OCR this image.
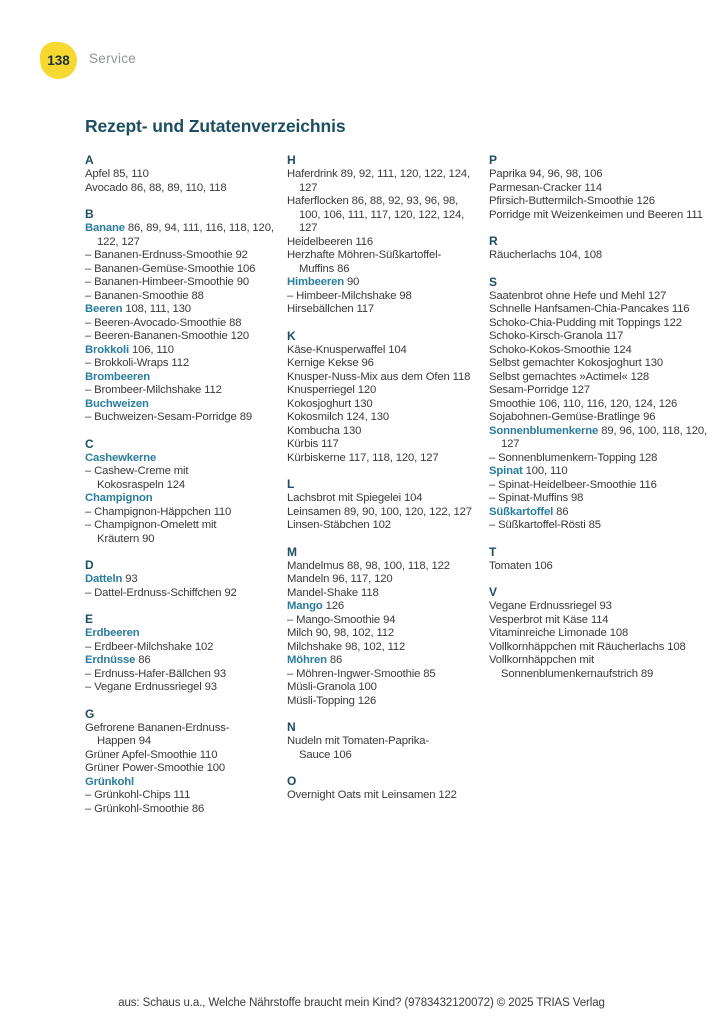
138 Service
Rezept- und Zutatenverzeichnis
A
Apfel 85, 110
Avocado 86, 88, 89, 110, 118
B
Banane 86, 89, 94, 111, 116, 118, 120, 122, 127
– Bananen-Erdnuss-Smoothie 92
– Bananen-Gemüse-Smoothie 106
– Bananen-Himbeer-Smoothie 90
– Bananen-Smoothie 88
Beeren 108, 111, 130
– Beeren-Avocado-Smoothie 88
– Beeren-Bananen-Smoothie 120
Brokkoli 106, 110
– Brokkoli-Wraps 112
Brombeeren
– Brombeer-Milchshake 112
Buchweizen
– Buchweizen-Sesam-Porridge 89
C
Cashewkerne
– Cashew-Creme mit Kokosraspeln 124
Champignon
– Champignon-Häppchen 110
– Champignon-Omelett mit Kräutern 90
D
Datteln 93
– Dattel-Erdnuss-Schiffchen 92
E
Erdbeeren
– Erdbeer-Milchshake 102
Erdnüsse 86
– Erdnuss-Hafer-Bällchen 93
– Vegane Erdnussriegel 93
G
Gefrorene Bananen-Erdnuss-Happen 94
Grüner Apfel-Smoothie 110
Grüner Power-Smoothie 100
Grünkohl
– Grünkohl-Chips 111
– Grünkohl-Smoothie 86
H
Haferdrink 89, 92, 111, 120, 122, 124, 127
Haferflocken 86, 88, 92, 93, 96, 98, 100, 106, 111, 117, 120, 122, 124, 127
Heidelbeeren 116
Herzhafte Möhren-Süßkartoffel-Muffins 86
Himbeeren 90
– Himbeer-Milchshake 98
Hirsebällchen 117
K
Käse-Knusperwaffel 104
Kernige Kekse 96
Knusper-Nuss-Mix aus dem Ofen 118
Knusperriegel 120
Kokosjoghurt 130
Kokosmilch 124, 130
Kombucha 130
Kürbis 117
Kürbiskerne 117, 118, 120, 127
L
Lachsbrot mit Spiegelei 104
Leinsamen 89, 90, 100, 120, 122, 127
Linsen-Stäbchen 102
M
Mandelmus 88, 98, 100, 118, 122
Mandeln 96, 117, 120
Mandel-Shake 118
Mango 126
– Mango-Smoothie 94
Milch 90, 98, 102, 112
Milchshake 98, 102, 112
Möhren 86
– Möhren-Ingwer-Smoothie 85
Müsli-Granola 100
Müsli-Topping 126
N
Nudeln mit Tomaten-Paprika-Sauce 106
O
Overnight Oats mit Leinsamen 122
P
Paprika 94, 96, 98, 106
Parmesan-Cracker 114
Pfirsich-Buttermilch-Smoothie 126
Porridge mit Weizenkeimen und Beeren 111
R
Räucherlachs 104, 108
S
Saatenbrot ohne Hefe und Mehl 127
Schnelle Hanfsamen-Chia-Pancakes 116
Schoko-Chia-Pudding mit Toppings 122
Schoko-Kirsch-Granola 117
Schoko-Kokos-Smoothie 124
Selbst gemachter Kokosjoghurt 130
Selbst gemachtes »Actimel« 128
Sesam-Porridge 127
Smoothie 106, 110, 116, 120, 124, 126
Sojabohnen-Gemüse-Bratlinge 96
Sonnenblumenkerne 89, 96, 100, 118, 120, 127
– Sonnenblumenkern-Topping 128
Spinat 100, 110
– Spinat-Heidelbeer-Smoothie 116
– Spinat-Muffins 98
Süßkartoffel 86
– Süßkartoffel-Rösti 85
T
Tomaten 106
V
Vegane Erdnussriegel 93
Vesperbrot mit Käse 114
Vitaminreiche Limonade 108
Vollkornhäppchen mit Räucherlachs 108
Vollkornhäppchen mit Sonnenblumenkernaufstrich 89
aus: Schaus u.a., Welche Nährstoffe braucht mein Kind? (9783432120072) © 2025 TRIAS Verlag
